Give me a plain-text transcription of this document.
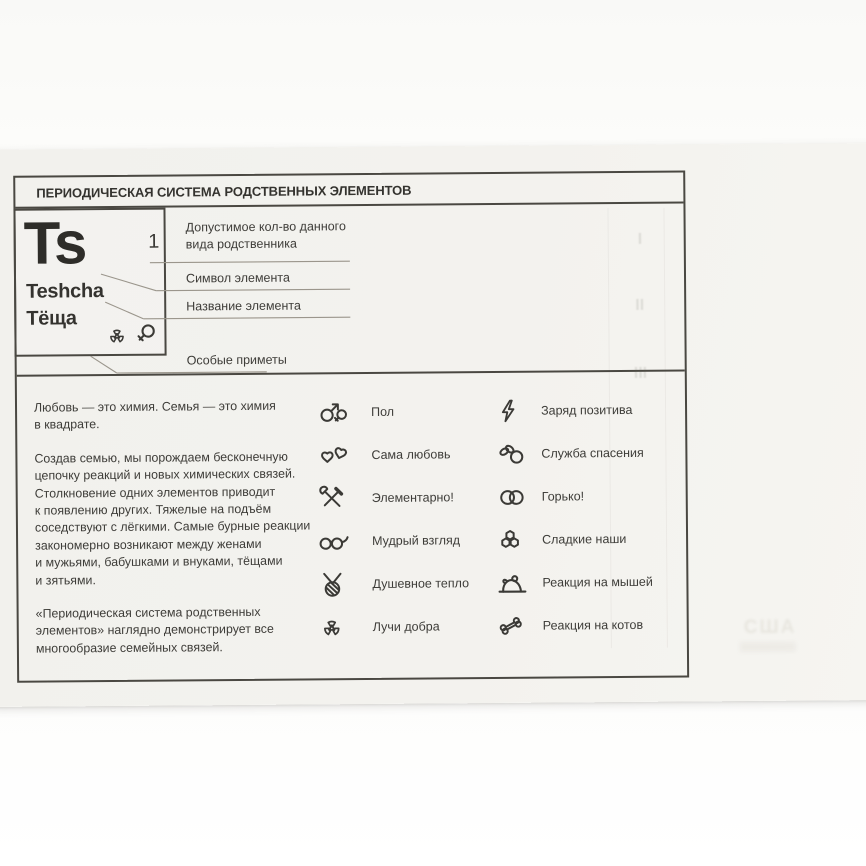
США
ПЕРИОДИЧЕСКАЯ СИСТЕМА РОДСТВЕННЫХ ЭЛЕМЕНТОВ
I
II
III
Ts
Teshcha
Тёща
1
Допустимое кол-во данного
вида родственника
Символ элемента
Название элемента
Особые приметы

Любовь — это химия. Семья — это химия
в квадрате.

Создав семью, мы порождаем бесконечную
цепочку реакций и новых химических связей.
Столкновение одних элементов приводит
к появлению других. Тяжелые на подъём
соседствуют с лёгкими. Самые бурные реакции
закономерно возникают между женами
и мужьями, бабушками и внуками, тёщами
и зятьями.

«Периодическая система родственных
элементов» наглядно демонстрирует все
многообразие семейных связей.

Пол
Сама любовь
Элементарно!
Мудрый взгляд
Душевное тепло
Лучи добра
Заряд позитива
Служба спасения
Горько!
Сладкие наши
Реакция на мышей
Реакция на котов
